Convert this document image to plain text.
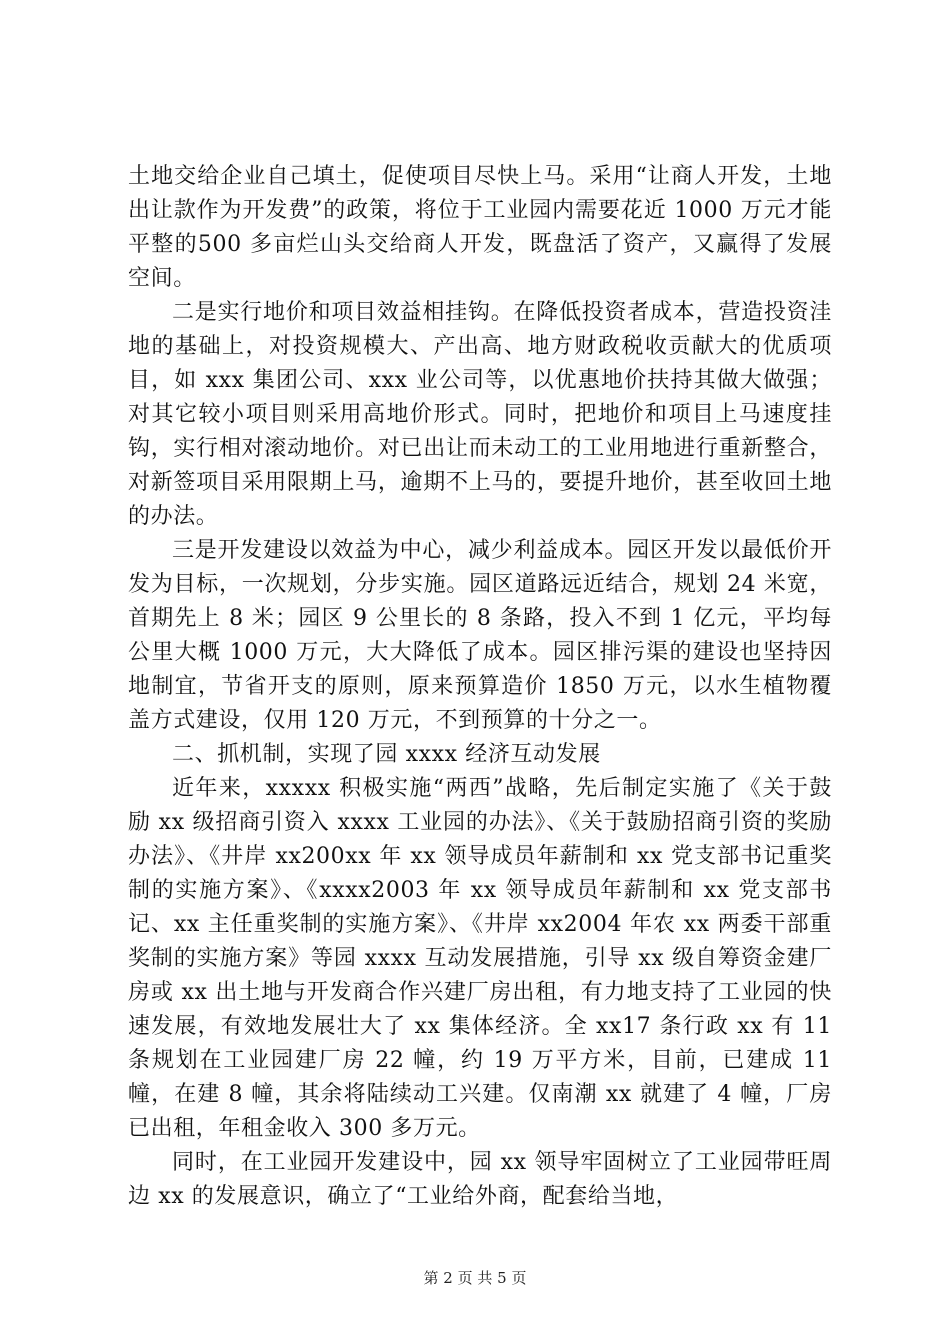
土地交给企业自己填土，促使项目尽快上马。采用“让商人开发，土地出让款作为开发费”的政策，将位于工业园内需要花近 1000 万元才能平整的500 多亩烂山头交给商人开发，既盘活了资产，又赢得了发展空间。

二是实行地价和项目效益相挂钩。在降低投资者成本，营造投资洼地的基础上，对投资规模大、产出高、地方财政税收贡献大的优质项目，如 xxx 集团公司、xxx 业公司等，以优惠地价扶持其做大做强；对其它较小项目则采用高地价形式。同时，把地价和项目上马速度挂钩，实行相对滚动地价。对已出让而未动工的工业用地进行重新整合，对新签项目采用限期上马，逾期不上马的，要提升地价，甚至收回土地的办法。

三是开发建设以效益为中心，减少利益成本。园区开发以最低价开发为目标，一次规划，分步实施。园区道路远近结合，规划 24 米宽，首期先上 8 米；园区 9 公里长的 8 条路，投入不到 1 亿元，平均每公里大概 1000 万元，大大降低了成本。园区排污渠的建设也坚持因地制宜，节省开支的原则，原来预算造价 1850 万元，以水生植物覆盖方式建设，仅用 120 万元，不到预算的十分之一。

二、抓机制，实现了园 xxxx 经济互动发展

近年来，xxxxx 积极实施“两西”战略，先后制定实施了《关于鼓励 xx 级招商引资入 xxxx 工业园的办法》、《关于鼓励招商引资的奖励办法》、《井岸 xx200xx 年 xx 领导成员年薪制和 xx 党支部书记重奖制的实施方案》、《xxxx2003 年 xx 领导成员年薪制和 xx 党支部书记、xx 主任重奖制的实施方案》、《井岸 xx2004 年农 xx 两委干部重奖制的实施方案》等园 xxxx 互动发展措施，引导 xx 级自筹资金建厂房或 xx 出土地与开发商合作兴建厂房出租，有力地支持了工业园的快速发展，有效地发展壮大了 xx 集体经济。全 xx17 条行政 xx 有 11 条规划在工业园建厂房 22 幢，约 19 万平方米，目前，已建成 11 幢，在建 8 幢，其余将陆续动工兴建。仅南潮 xx 就建了 4 幢，厂房已出租，年租金收入 300 多万元。

同时，在工业园开发建设中，园 xx 领导牢固树立了工业园带旺周边 xx 的发展意识，确立了“工业给外商，配套给当地，

第 2 页 共 5 页
